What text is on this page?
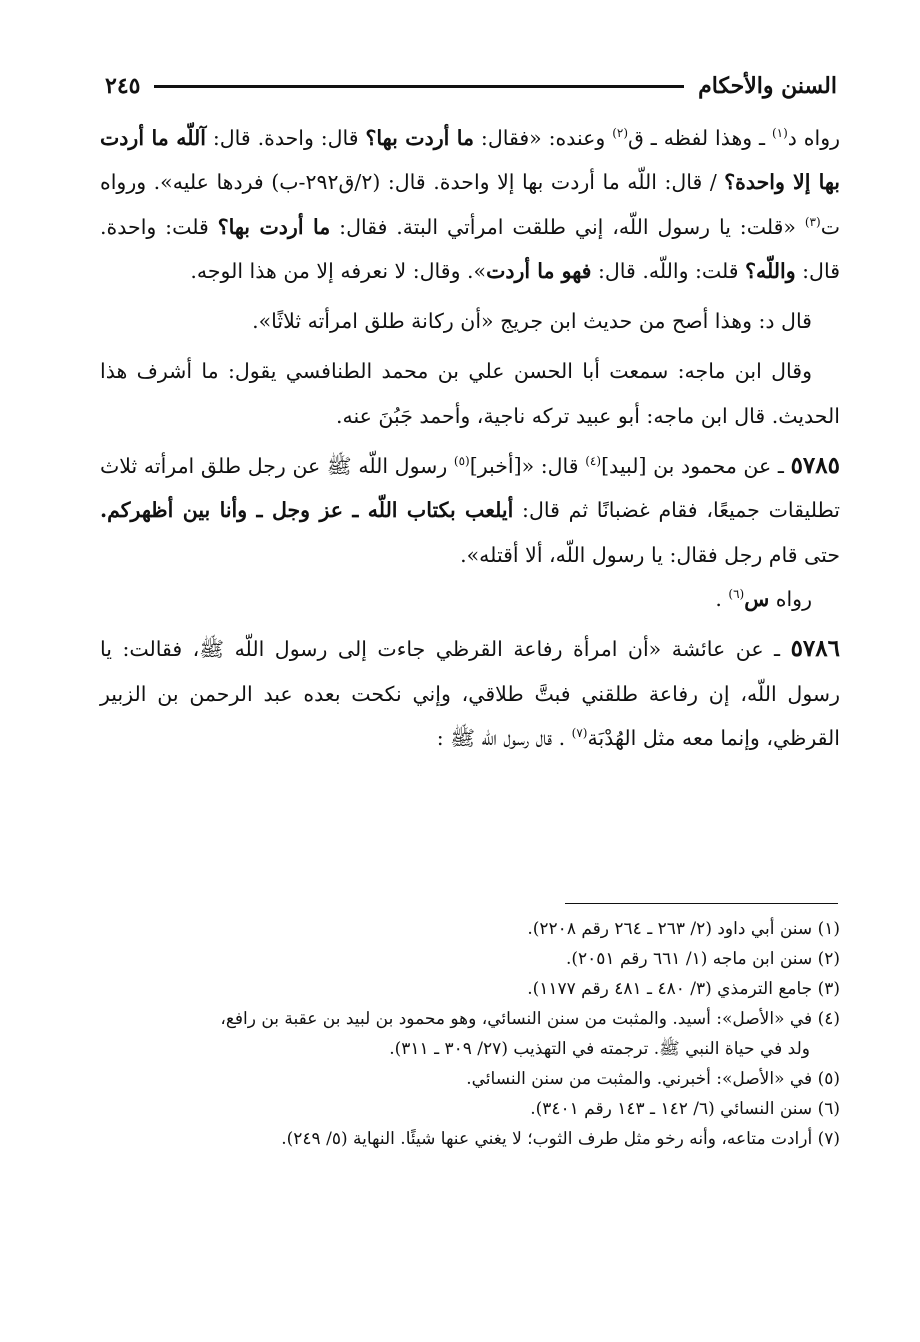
السنن والأحكام
٢٤٥

رواه د$^{(١)}$ ـ وهذا لفظه ـ ق$^{(٢)}$ وعنده: «فقال: ما أردت بها؟ قال: واحدة. قال: آللّه ما أردت بها إلا واحدة؟ / قال: اللّه ما أردت بها إلا واحدة. قال: (٢/ق٢٩٢-ب) فردها عليه». ورواه ت$^{(٣)}$ «قلت: يا رسول اللّه، إني طلقت امرأتي البتة. فقال: ما أردت بها؟ قلت: واحدة. قال: واللّه؟ قلت: واللّه. قال: فهو ما أردت». وقال: لا نعرفه إلا من هذا الوجه.

قال د: وهذا أصح من حديث ابن جريج «أن ركانة طلق امرأته ثلاثًا».

وقال ابن ماجه: سمعت أبا الحسن علي بن محمد الطنافسي يقول: ما أشرف هذا الحديث. قال ابن ماجه: أبو عبيد تركه ناجية، وأحمد جَبُنَ عنه.

٥٧٨٥ ـ عن محمود بن [لبيد]$^{(٤)}$ قال: «[أخبر]$^{(٥)}$ رسول اللّه ﷺ عن رجل طلق امرأته ثلاث تطليقات جميعًا، فقام غضبانًا ثم قال: أيلعب بكتاب اللّه ـ عز وجل ـ وأنا بين أظهركم. حتى قام رجل فقال: يا رسول اللّه، ألا أقتله».

رواه س$^{(٦)}$ .

٥٧٨٦ ـ عن عائشة «أن امرأة رفاعة القرظي جاءت إلى رسول اللّه ﷺ، فقالت: يا رسول اللّه، إن رفاعة طلقني فبتَّ طلاقي، وإني نكحت بعده عبد الرحمن بن الزبير القرظي، وإنما معه مثل الهُدْبَة$^{(٧)}$ . قال رسول اللّه ﷺ :

(١) سنن أبي داود (٢/ ٢٦٣ ـ ٢٦٤ رقم ٢٢٠٨).

(٢) سنن ابن ماجه (١/ ٦٦١ رقم ٢٠٥١).

(٣) جامع الترمذي (٣/ ٤٨٠ ـ ٤٨١ رقم ١١٧٧).

(٤) في «الأصل»: أسيد. والمثبت من سنن النسائي، وهو محمود بن لبيد بن عقبة بن رافع،

ولد في حياة النبي ﷺ. ترجمته في التهذيب (٢٧/ ٣٠٩ ـ ٣١١).

(٥) في «الأصل»: أخبرني. والمثبت من سنن النسائي.

(٦) سنن النسائي (٦/ ١٤٢ ـ ١٤٣ رقم ٣٤٠١).

(٧) أرادت متاعه، وأنه رخو مثل طرف الثوب؛ لا يغني عنها شيئًا. النهاية (٥/ ٢٤٩).
